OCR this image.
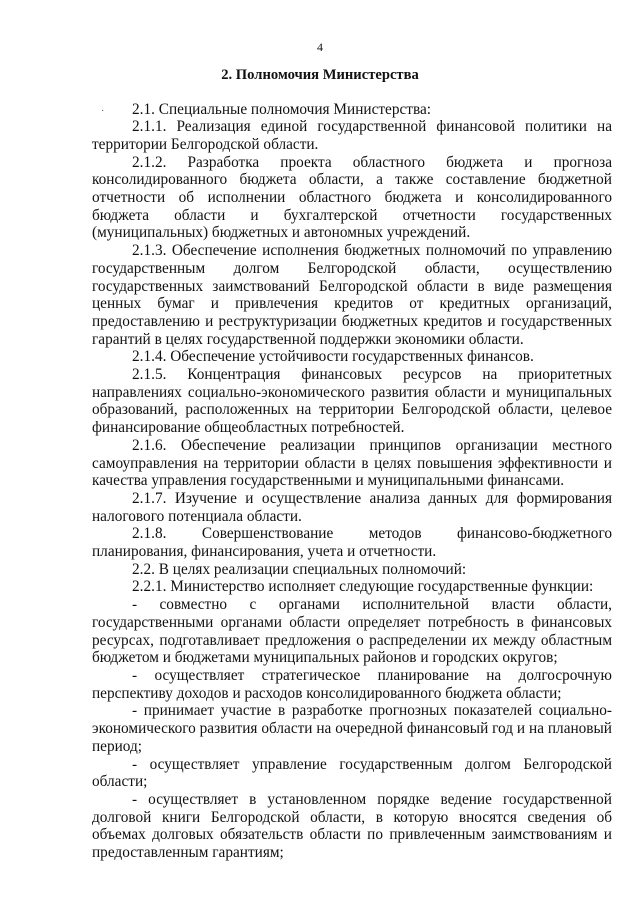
4
2. Полномочия Министерства
·	2.1. Специальные полномочия Министерства:

2.1.1. Реализация единой государственной финансовой политики на территории Белгородской области.

2.1.2. Разработка проекта областного бюджета и прогноза консолидированного бюджета области, а также составление бюджетной отчетности об исполнении областного бюджета и консолидированного бюджета области и бухгалтерской отчетности государственных (муниципальных) бюджетных и автономных учреждений.

2.1.3. Обеспечение исполнения бюджетных полномочий по управлению государственным долгом Белгородской области, осуществлению государственных заимствований Белгородской области в виде размещения ценных бумаг и привлечения кредитов от кредитных организаций, предоставлению и реструктуризации бюджетных кредитов и государственных гарантий в целях государственной поддержки экономики области.

2.1.4. Обеспечение устойчивости государственных финансов.

2.1.5. Концентрация финансовых ресурсов на приоритетных направлениях социально-экономического развития области и муниципальных образований, расположенных на территории Белгородской области, целевое финансирование общеобластных потребностей.

2.1.6. Обеспечение реализации принципов организации местного самоуправления на территории области в целях повышения эффективности и качества управления государственными и муниципальными финансами.

2.1.7. Изучение и осуществление анализа данных для формирования налогового потенциала области.

2.1.8. Совершенствование методов финансово-бюджетного планирования, финансирования, учета и отчетности.

2.2. В целях реализации специальных полномочий:

2.2.1. Министерство исполняет следующие государственные функции:

- совместно с органами исполнительной власти области, государственными органами области определяет потребность в финансовых ресурсах, подготавливает предложения о распределении их между областным бюджетом и бюджетами муниципальных районов и городских округов;

- осуществляет стратегическое планирование на долгосрочную перспективу доходов и расходов консолидированного бюджета области;

- принимает участие в разработке прогнозных показателей социально-экономического развития области на очередной финансовый год и на плановый период;

- осуществляет управление государственным долгом Белгородской области;

- осуществляет в установленном порядке ведение государственной долговой книги Белгородской области, в которую вносятся сведения об объемах долговых обязательств области по привлеченным заимствованиям и предоставленным гарантиям;
